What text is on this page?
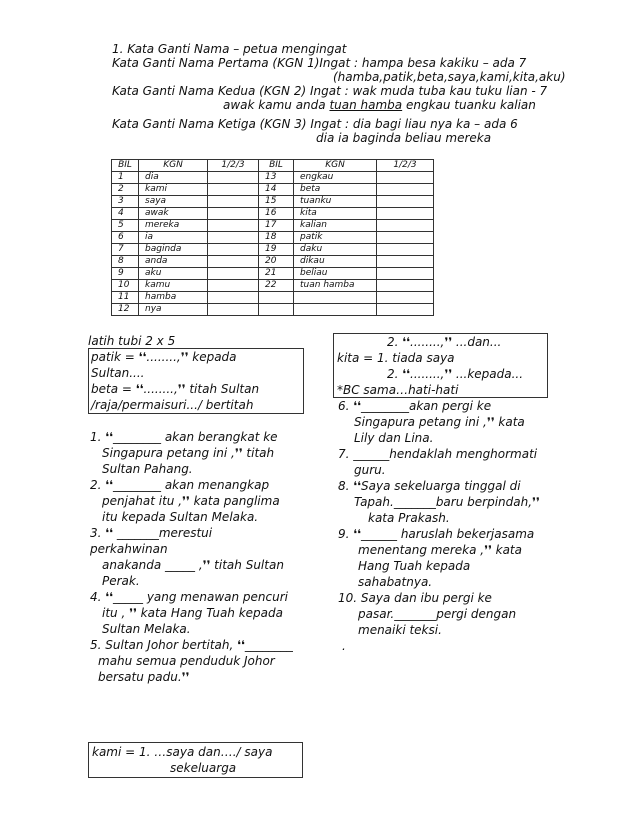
1. Kata Ganti Nama – petua mengingat
Kata Ganti Nama Pertama (KGN 1)Ingat : hampa besa kakiku – ada 7
(hamba,patik,beta,saya,kami,kita,aku)
Kata Ganti Nama Kedua (KGN 2) Ingat : wak muda tuba kau tuku lian - 7
awak kamu anda tuan hamba engkau tuanku kalian
Kata Ganti Nama Ketiga (KGN 3) Ingat : dia bagi liau nya ka – ada 6
dia ia baginda beliau mereka
BIL	KGN	1/2/3	BIL	KGN	1/2/3
1	dia		13	engkau	
2	kami		14	beta	
3	saya		15	tuanku	
4	awak		16	kita	
5	mereka		17	kalian	
6	ia		18	patik	
7	baginda		19	daku	
8	anda		20	dikau	
9	aku		21	beliau	
10	kamu		22	tuan hamba	
11	hamba				
12	nya				
latih tubi 2 x 5
patik = ❛❛........,❜❜ kepada
Sultan....
beta = ❛❛........,❜❜ titah Sultan
/raja/permaisuri.../ bertitah
2. ❛❛........,❜❜ ...dan...
kita = 1. tiada saya
2. ❛❛........,❜❜ ...kepada...
*BC sama…hati-hati
1. ❛❛________ akan berangkat ke
Singapura petang ini ,❜❜ titah
Sultan Pahang.
2. ❛❛________ akan menangkap
penjahat itu ,❜❜ kata panglima
itu kepada Sultan Melaka.
3. ❛❛ _______merestui
perkahwinan
anakanda _____ ,❜❜ titah Sultan
Perak.
4. ❛❛_____ yang menawan pencuri
itu , ❜❜ kata Hang Tuah kepada
Sultan Melaka.
5. Sultan Johor bertitah, ❛❛________
mahu semua penduduk Johor
bersatu padu.❜❜
6. ❛❛________akan pergi ke
Singapura petang ini ,❜❜ kata
Lily dan Lina.
7. ______hendaklah menghormati
guru.
8. ❛❛Saya sekeluarga tinggal di
Tapah._______baru berpindah,❜❜
kata Prakash.
9. ❛❛______ haruslah bekerjasama
menentang mereka ,❜❜ kata
Hang Tuah kepada
sahabatnya.
10. Saya dan ibu pergi ke
pasar._______pergi dengan
menaiki teksi.
.
kami = 1. …saya dan…./ saya
sekeluarga
